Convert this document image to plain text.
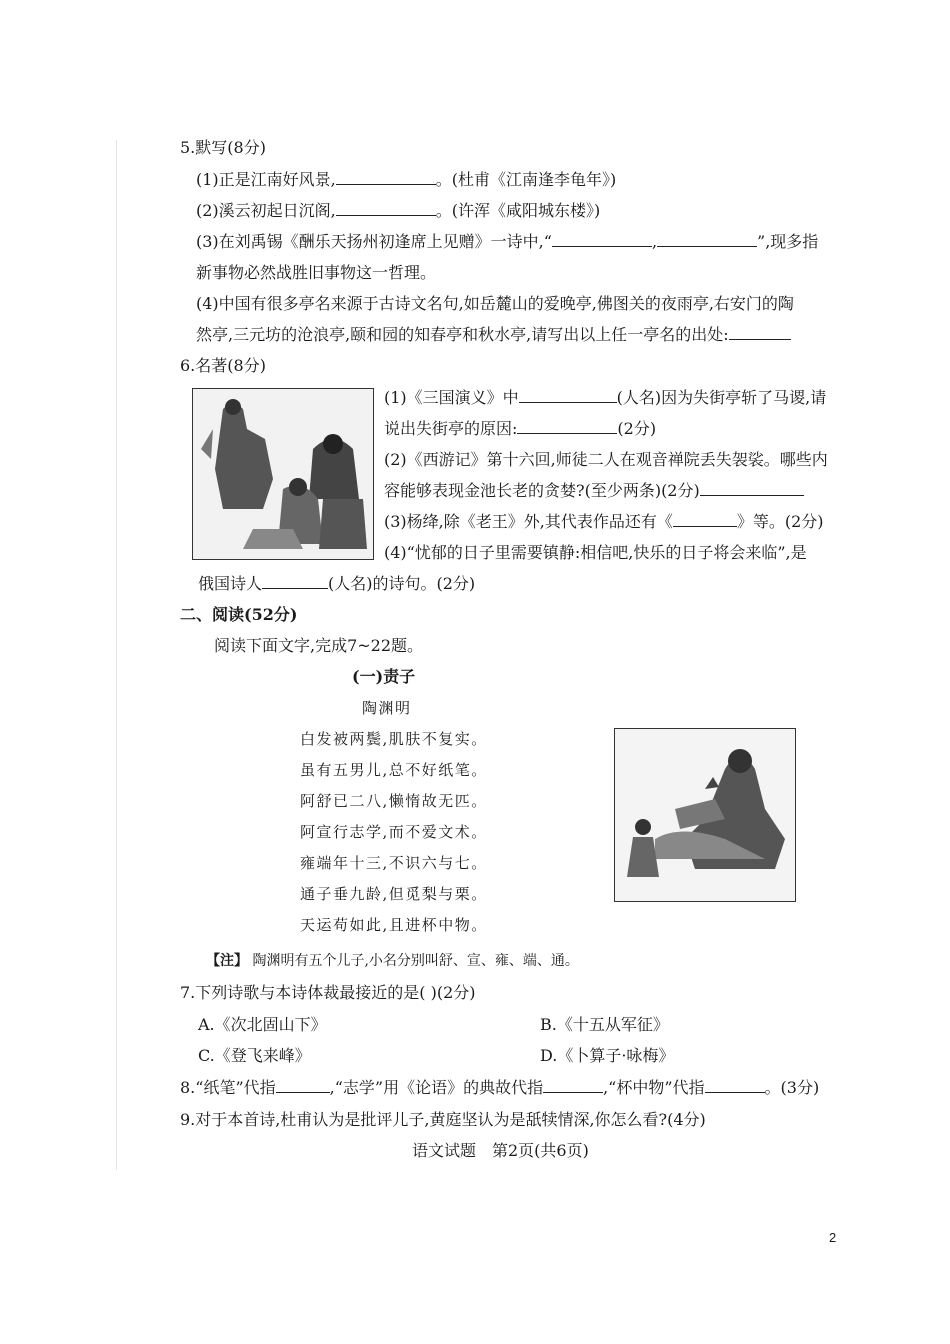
5.默写(8分)
(1)正是江南好风景,	。(杜甫《江南逢李龟年》)
(2)溪云初起日沉阁,	。(许浑《咸阳城东楼》)
(3)在刘禹锡《酬乐天扬州初逢席上见赠》一诗中,“	,	”,现多指
新事物必然战胜旧事物这一哲理。
(4)中国有很多亭名来源于古诗文名句,如岳麓山的爱晚亭,佛图关的夜雨亭,右安门的陶
然亭,三元坊的沧浪亭,颐和园的知春亭和秋水亭,请写出以上任一亭名的出处:
6.名著(8分)
(1)《三国演义》中	(人名)因为失街亭斩了马谡,请
说出失街亭的原因:	(2分)
(2)《西游记》第十六回,师徒二人在观音禅院丢失袈裟。哪些内
容能够表现金池长老的贪婪?(至少两条)(2分)
(3)杨绛,除《老王》外,其代表作品还有《	》等。(2分)
(4)“忧郁的日子里需要镇静:相信吧,快乐的日子将会来临”,是
俄国诗人	(人名)的诗句。(2分)
二、阅读(52分)
阅读下面文字,完成7~22题。
(一)责子
陶渊明
白发被两鬓,肌肤不复实。
虽有五男儿,总不好纸笔。
阿舒已二八,懒惰故无匹。
阿宣行志学,而不爱文术。
雍端年十三,不识六与七。
通子垂九龄,但觅梨与栗。
天运苟如此,且进杯中物。
【注】 陶渊明有五个儿子,小名分别叫舒、宣、雍、端、通。
7.下列诗歌与本诗体裁最接近的是( )(2分)
A.《次北固山下》	B.《十五从军征》
C.《登飞来峰》	D.《卜算子·咏梅》
8.“纸笔”代指	,“志学”用《论语》的典故代指	,“杯中物”代指	。(3分)
9.对于本首诗,杜甫认为是批评儿子,黄庭坚认为是舐犊情深,你怎么看?(4分)
语文试题　第2页(共6页)
2
